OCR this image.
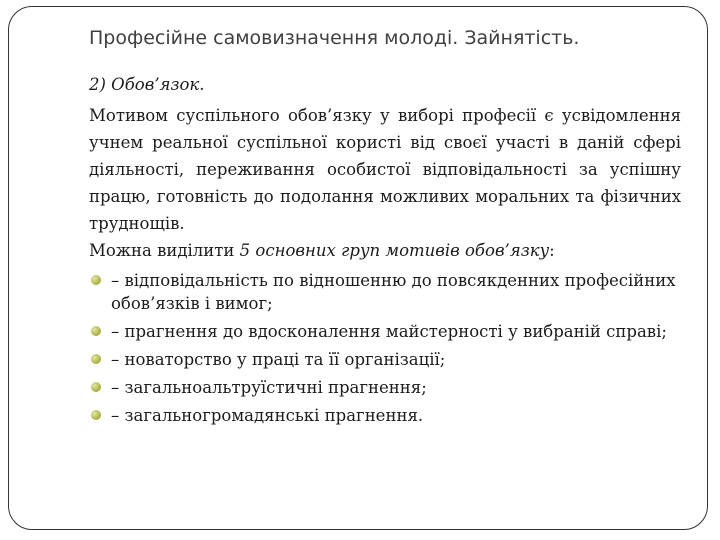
Професійне самовизначення молоді. Зайнятість.
2) Обов’язок.
Мотивом суспільного обов’язку у виборі професії є усвідомлення учнем реальної суспільної користі від своєї участі в даній сфері діяльності, переживання особистої відповідальності за успішну працю, готовність до подолання можливих моральних та фізичних труднощів.
Можна виділити 5 основних груп мотивів обов’язку:
– відповідальність по відношенню до повсякденних професійних обов’язків і вимог;
– прагнення до вдосконалення майстерності у вибраній справі;
– новаторство у праці та її організації;
– загальноальтруїстичні прагнення;
– загальногромадянські прагнення.
